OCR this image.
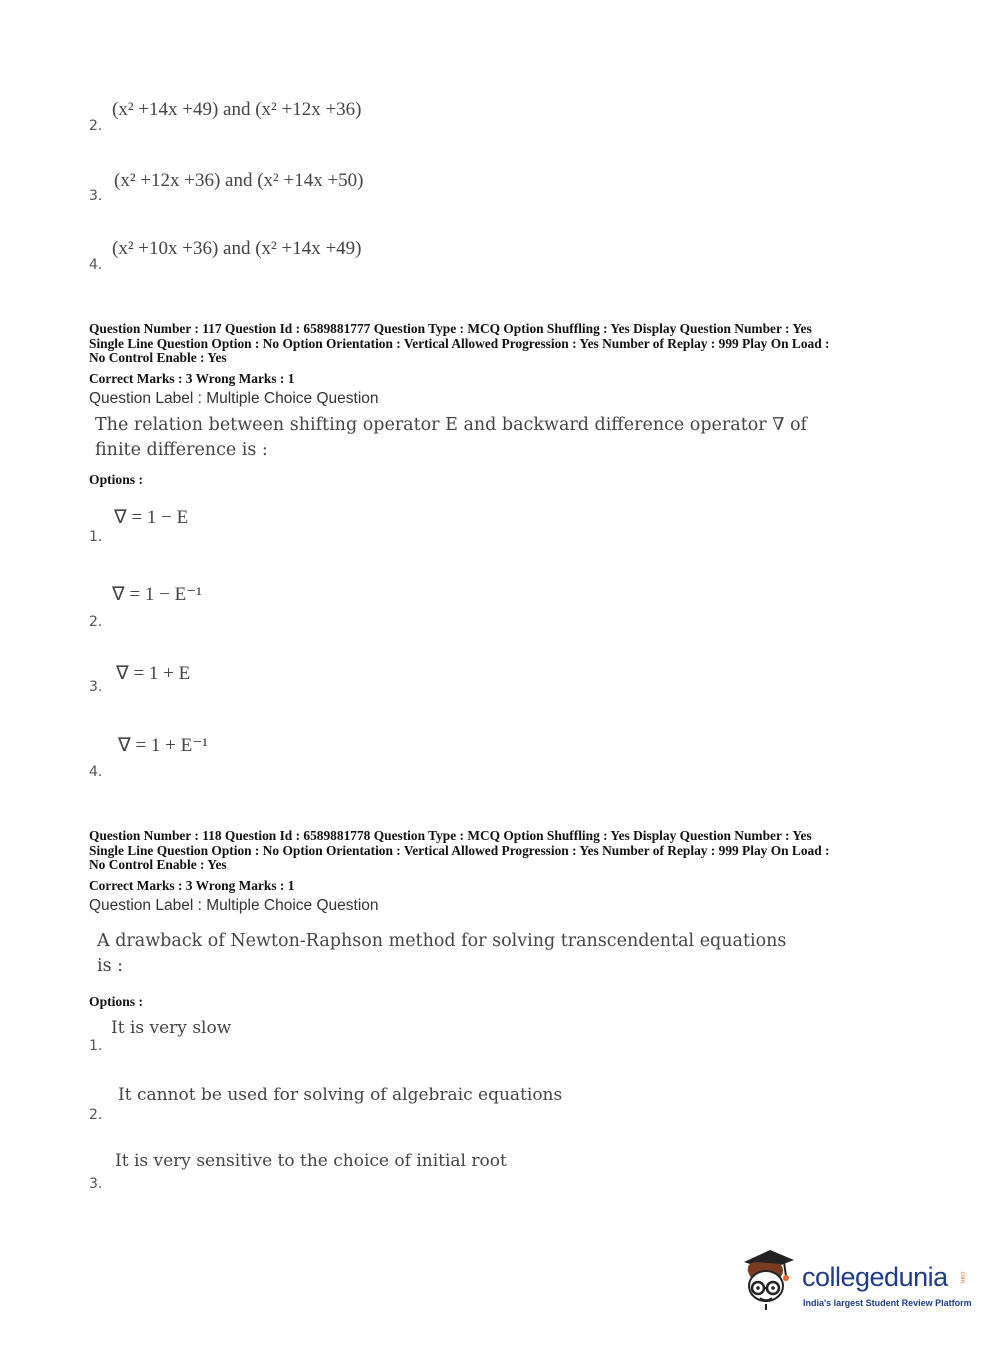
(x² +14x +49) and (x² +12x +36)
2.
(x² +12x +36) and (x² +14x +50)
3.
(x² +10x +36) and (x² +14x +49)
4.
Question Number : 117 Question Id : 6589881777 Question Type : MCQ Option Shuffling : Yes Display Question Number : Yes
Single Line Question Option : No Option Orientation : Vertical Allowed Progression : Yes Number of Replay : 999 Play On Load :
No Control Enable : Yes
Correct Marks : 3 Wrong Marks : 1
Question Label : Multiple Choice Question
The relation between shifting operator E and backward difference operator ∇ of
finite difference is :
Options :
∇ = 1 − E
1.
∇ = 1 − E⁻¹
2.
∇ = 1 + E
3.
∇ = 1 + E⁻¹
4.
Question Number : 118 Question Id : 6589881778 Question Type : MCQ Option Shuffling : Yes Display Question Number : Yes
Single Line Question Option : No Option Orientation : Vertical Allowed Progression : Yes Number of Replay : 999 Play On Load :
No Control Enable : Yes
Correct Marks : 3 Wrong Marks : 1
Question Label : Multiple Choice Question
A drawback of Newton-Raphson method for solving transcendental equations
is :
Options :
It is very slow
1.
It cannot be used for solving of algebraic equations
2.
It is very sensitive to the choice of initial root
3.
collegedunia .com
India's largest Student Review Platform
